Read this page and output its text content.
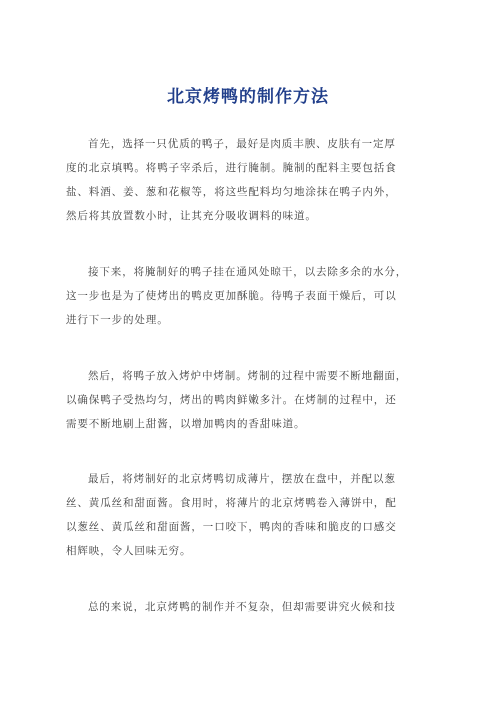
北京烤鸭的制作方法
首先，选择一只优质的鸭子，最好是肉质丰腴、皮肤有一定厚
度的北京填鸭。将鸭子宰杀后，进行腌制。腌制的配料主要包括食
盐、料酒、姜、葱和花椒等，将这些配料均匀地涂抹在鸭子内外，
然后将其放置数小时，让其充分吸收调料的味道。
接下来，将腌制好的鸭子挂在通风处晾干，以去除多余的水分，
这一步也是为了使烤出的鸭皮更加酥脆。待鸭子表面干燥后，可以
进行下一步的处理。
然后，将鸭子放入烤炉中烤制。烤制的过程中需要不断地翻面，
以确保鸭子受热均匀，烤出的鸭肉鲜嫩多汁。在烤制的过程中，还
需要不断地刷上甜酱，以增加鸭肉的香甜味道。
最后，将烤制好的北京烤鸭切成薄片，摆放在盘中，并配以葱
丝、黄瓜丝和甜面酱。食用时，将薄片的北京烤鸭卷入薄饼中，配
以葱丝、黄瓜丝和甜面酱，一口咬下，鸭肉的香味和脆皮的口感交
相辉映，令人回味无穷。
总的来说，北京烤鸭的制作并不复杂，但却需要讲究火候和技
